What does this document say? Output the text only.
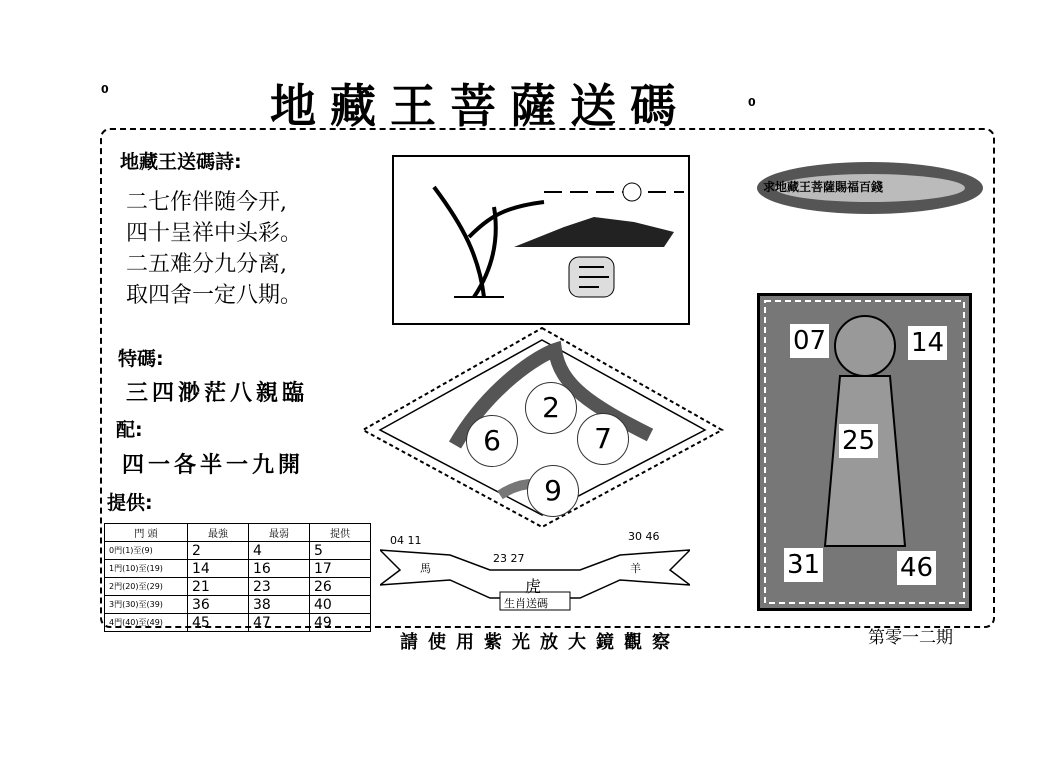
0	地藏王菩薩送碼	0
地藏王送碼詩:
二七作伴随今开,
四十呈祥中头彩。
二五难分九分离,
取四舍一定八期。
特碼:
三四渺茫八親臨
配:
四一各半一九開
提供:
門 頭	最強	最弱	提供
0門(1)至(9)	2	4	5
1門(10)至(19)	14	16	17
2門(20)至(29)	21	23	26
3門(30)至(39)	36	38	40
4門(40)至(49)	45	47	49
2
6	7
9
04 11	30 46
23 27
馬	羊
虎
生肖送碼
求地藏王菩薩賜福百錢
07	14
25
31	46
請使用紫光放大鏡觀察	第零一二期
